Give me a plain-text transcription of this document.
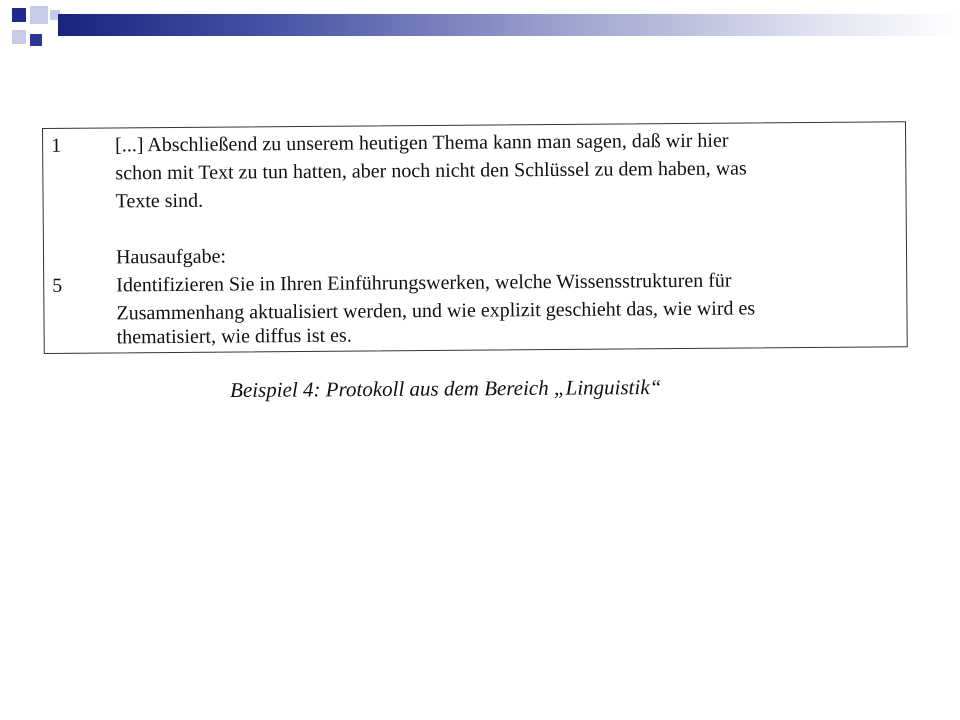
1	[...] Abschließend zu unserem heutigen Thema kann man sagen, daß wir hier
schon mit Text zu tun hatten, aber noch nicht den Schlüssel zu dem haben, was
Texte sind.
Hausaufgabe:
5	Identifizieren Sie in Ihren Einführungswerken, welche Wissensstrukturen für
Zusammenhang aktualisiert werden, und wie explizit geschieht das, wie wird es
thematisiert, wie diffus ist es.
Beispiel 4: Protokoll aus dem Bereich „Linguistik“
